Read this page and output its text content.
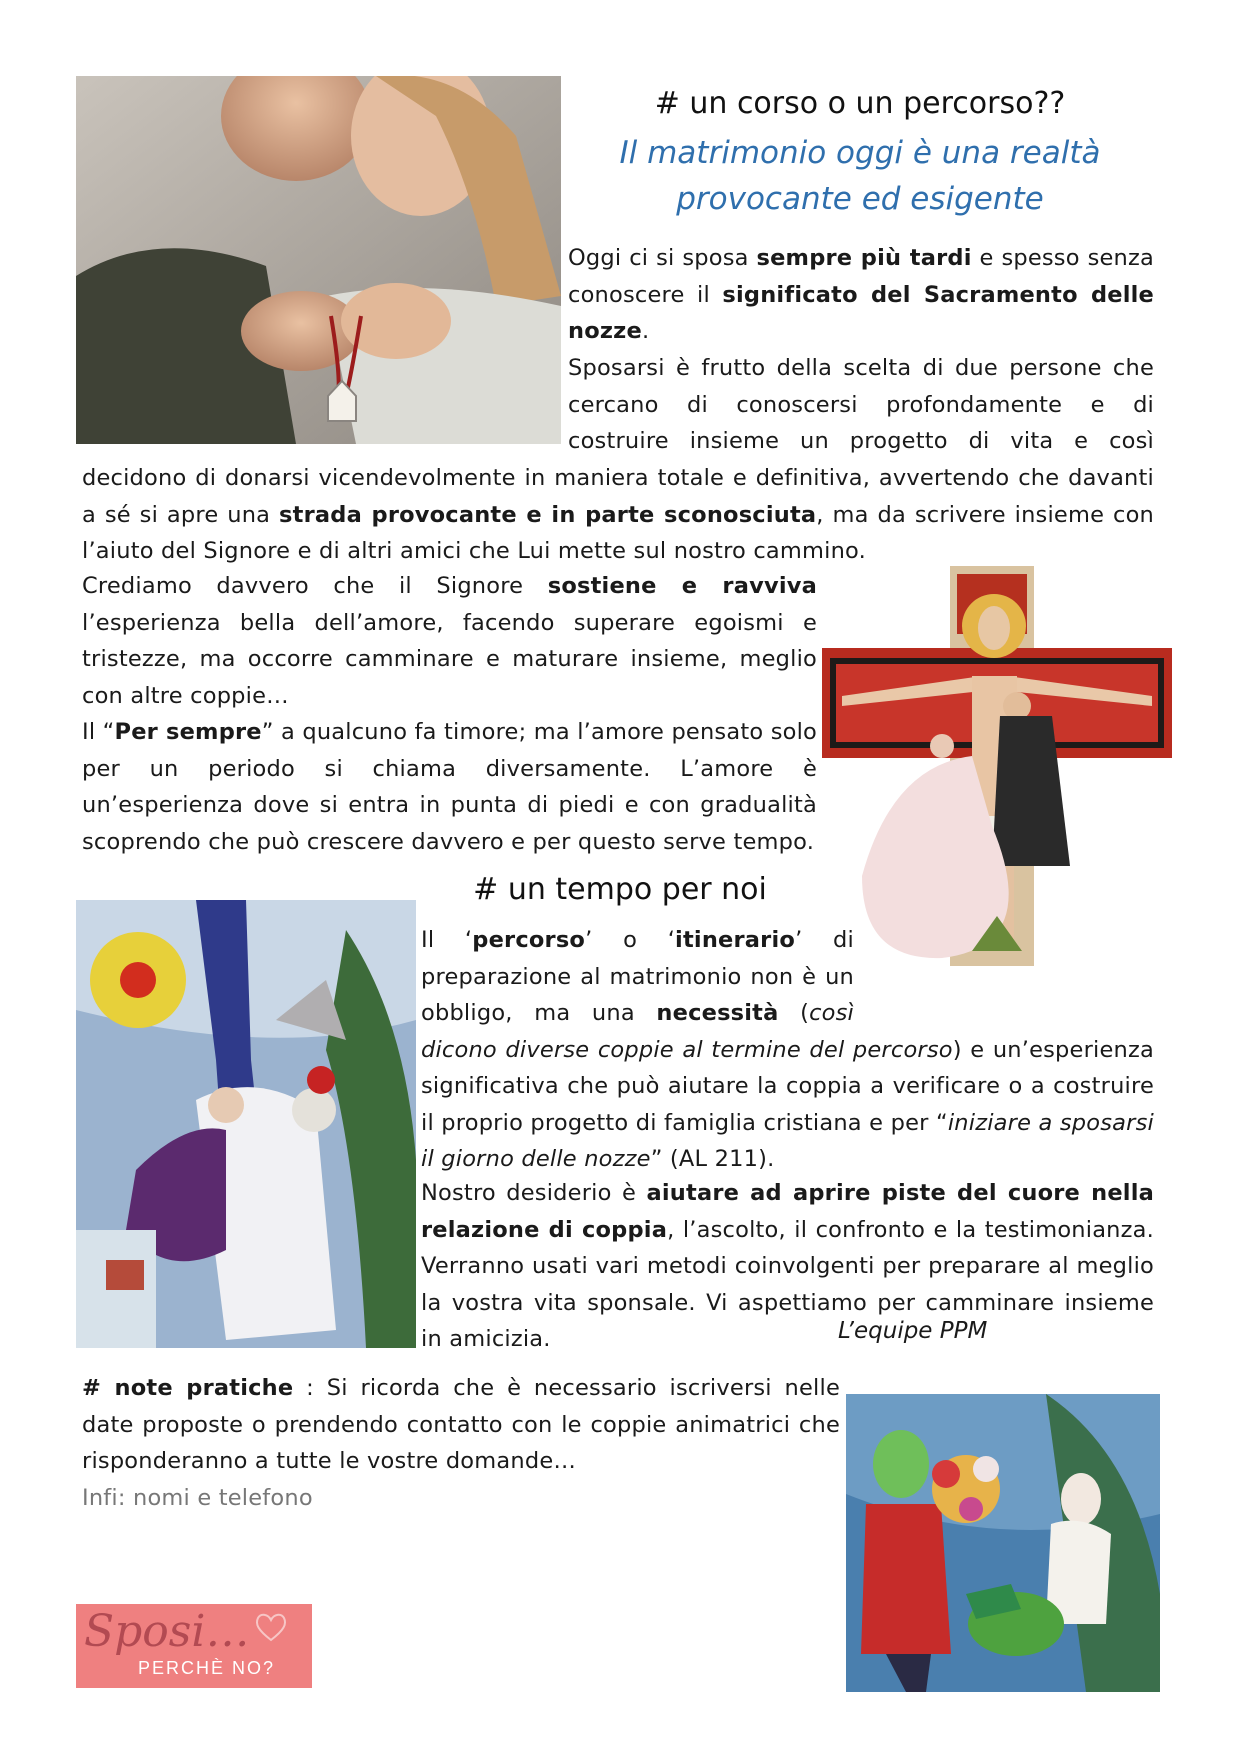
# un corso o un percorso??
Il matrimonio oggi è una realtà
provocante ed esigente

Oggi ci si sposa sempre più tardi e spesso senza conoscere il significato del Sacramento delle nozze.

Sposarsi è frutto della scelta di due persone che cercano di conoscersi profondamente e di costruire insieme un progetto di vita e così

decidono di donarsi vicendevolmente in maniera totale e definitiva, avvertendo che davanti a sé si apre una strada provocante e in parte sconosciuta, ma da scrivere insieme con l’aiuto del Signore e di altri amici che Lui mette sul nostro cammino.

Crediamo davvero che il Signore sostiene e ravviva l’esperienza bella dell’amore, facendo superare egoismi e tristezze, ma occorre camminare e maturare insieme, meglio con altre coppie…

Il “Per sempre” a qualcuno fa timore; ma l’amore pensato solo per un periodo si chiama diversamente. L’amore è un’esperienza dove si entra in punta di piedi e con gradualità scoprendo che può crescere davvero e per questo serve tempo.

# un tempo per noi

Il ‘percorso’ o ‘itinerario’ di preparazione al matrimonio non è un obbligo, ma una necessità (così dicono diverse coppie al termine del percorso) e un’esperienza significativa che può aiutare la coppia a verificare o a costruire il proprio progetto di famiglia cristiana e per “iniziare a sposarsi il giorno delle nozze” (AL 211).

Nostro desiderio è aiutare ad aprire piste del cuore nella relazione di coppia, l’ascolto, il confronto e la testimonianza. Verranno usati vari metodi coinvolgenti per preparare al meglio la vostra vita sponsale. Vi aspettiamo per camminare insieme in amicizia.	L’equipe PPM

# note pratiche : Si ricorda che è necessario iscriversi nelle date proposte o prendendo contatto con le coppie animatrici che risponderanno a tutte le vostre domande…

Infi: nomi e telefono
Sposi…
PERCHÈ NO?
